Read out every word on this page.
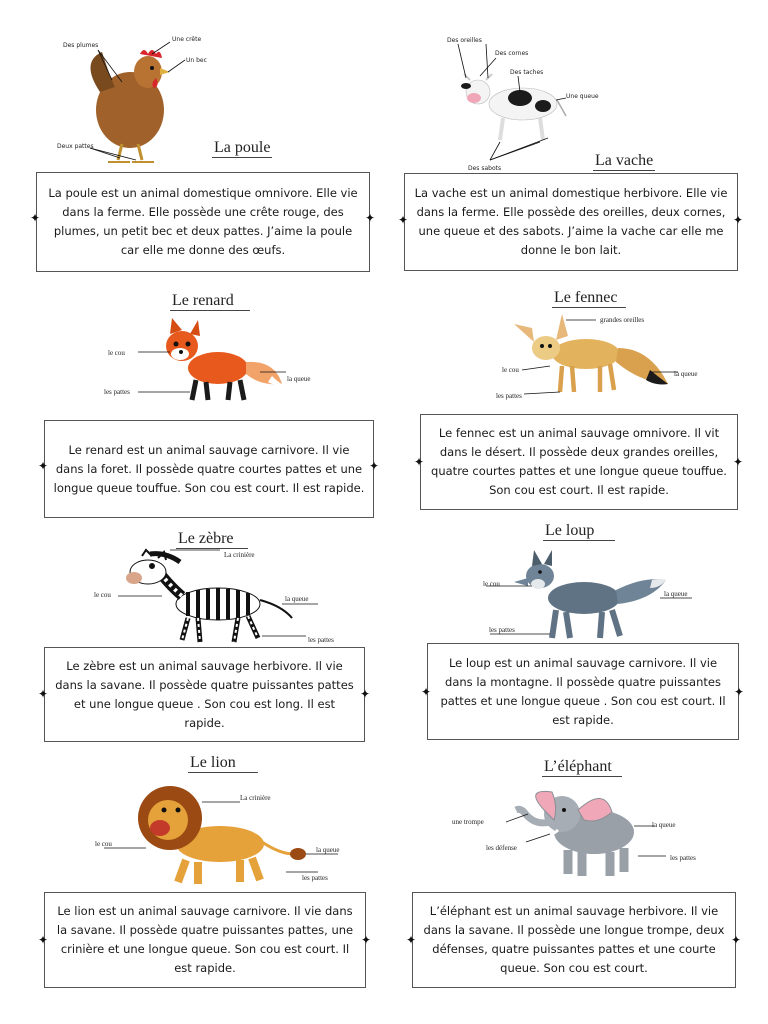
Des plumes
Une crête
Un bec
Deux pattes	La poule
Des oreilles
Des cornes
Des taches
Une queue
Des sabots	La vache
La poule est un animal domestique omnivore. Elle vie dans la ferme. Elle possède une crête rouge, des plumes, un petit bec et deux pattes. J’aime la poule car elle me donne des œufs.
✦	✦
La vache est un animal domestique herbivore. Elle vie dans la ferme. Elle possède des oreilles, deux cornes, une queue et des sabots. J’aime la vache car elle me donne le bon lait.
✦	✦
Le renard
le cou
les pattes
la queue
Le fennec
grandes oreilles
le cou
les pattes
la queue
Le renard est un animal sauvage carnivore. Il vie dans la foret. Il possède quatre courtes pattes et une longue queue touffue. Son cou est court. Il est rapide.
✦	✦
Le fennec est un animal sauvage omnivore. Il vit dans le désert. Il possède deux grandes oreilles, quatre courtes pattes et une longue queue touffue. Son cou est court. Il est rapide.
✦	✦
Le zèbre
La crinière
le cou	la queue
les pattes
Le loup
le cou
la queue
les pattes
Le zèbre est un animal sauvage herbivore. Il vie dans la savane. Il possède quatre puissantes pattes et une longue queue . Son cou est long. Il est rapide.
✦	✦
Le loup est un animal sauvage carnivore. Il vie dans la montagne. Il possède quatre puissantes pattes et une longue queue . Son cou est court. Il est rapide.
✦	✦
Le lion
La crinière
le cou
la queue
les pattes
L’éléphant
une trompe	la queue
les défense
les pattes
Le lion est un animal sauvage carnivore. Il vie dans la savane. Il possède quatre puissantes pattes, une crinière et une longue queue. Son cou est court. Il est rapide.
✦	✦
L’éléphant est un animal sauvage herbivore. Il vie dans la savane. Il possède une longue trompe, deux défenses, quatre puissantes pattes et une courte queue. Son cou est court.
✦	✦
